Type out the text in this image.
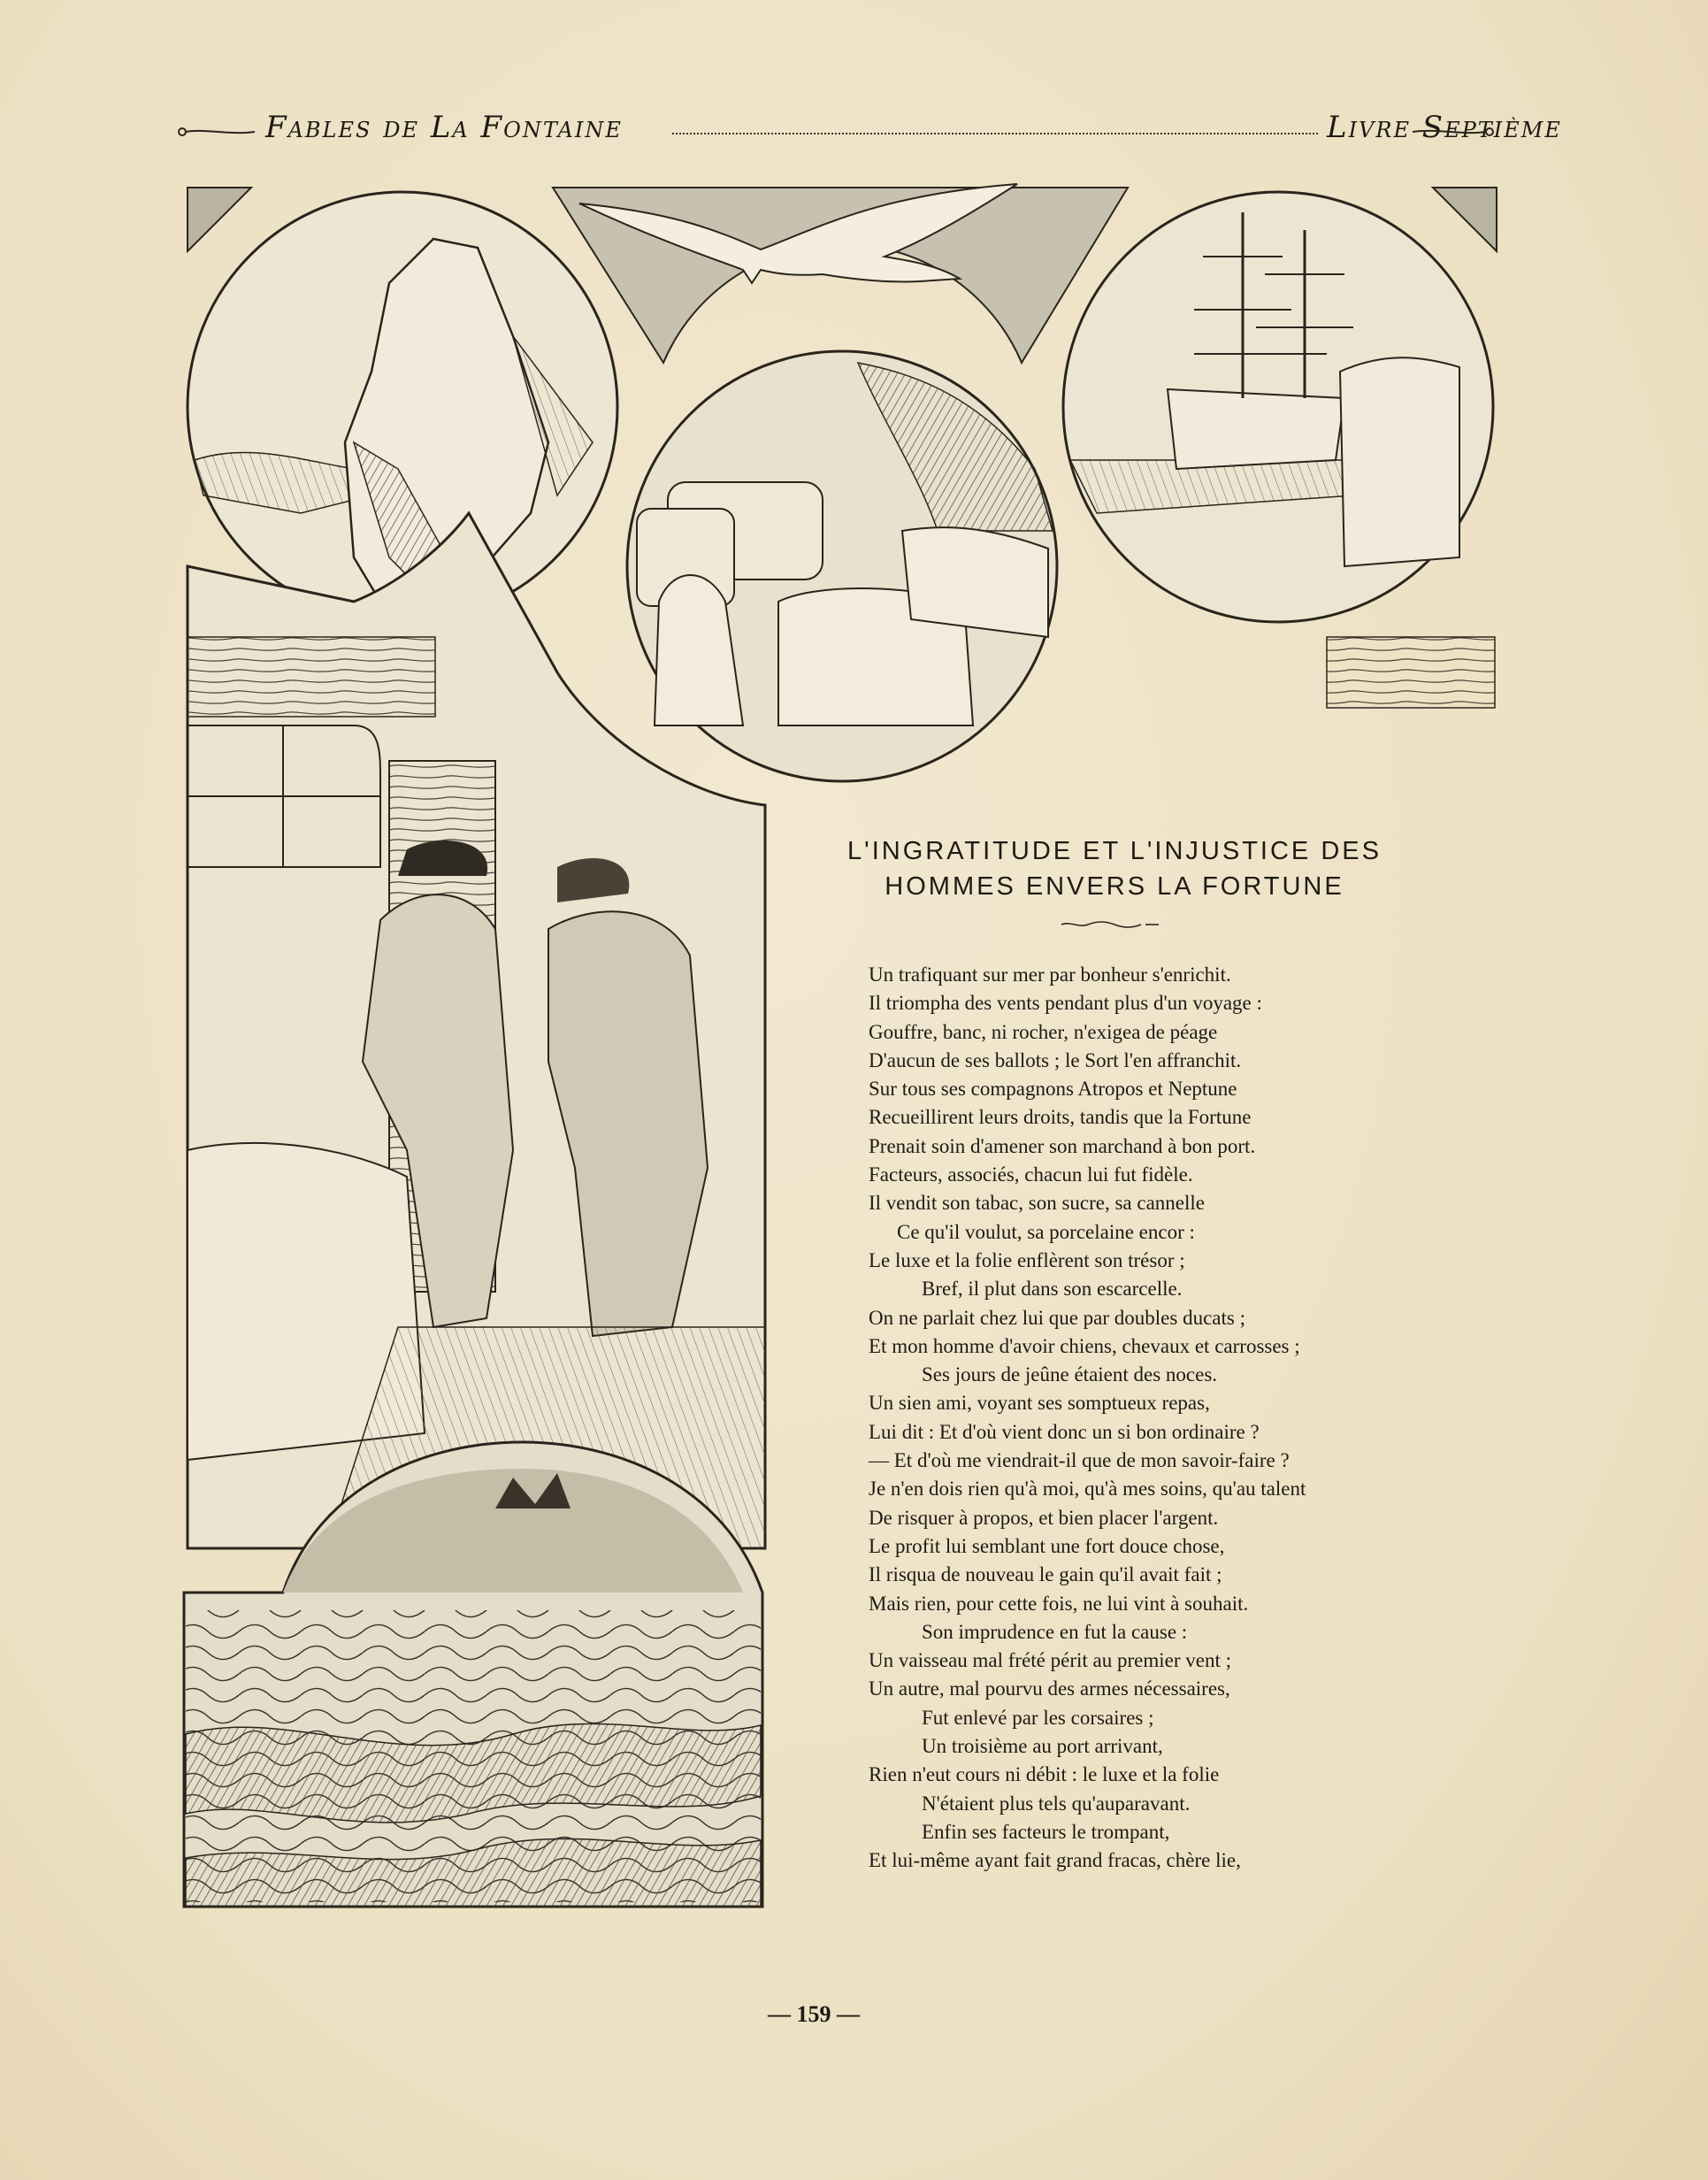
Fables de La Fontaine	Livre Septième
L'INGRATITUDE ET L'INJUSTICE DES
HOMMES ENVERS LA FORTUNE
Un trafiquant sur mer par bonheur s'enrichit.
Il triompha des vents pendant plus d'un voyage :
Gouffre, banc, ni rocher, n'exigea de péage
D'aucun de ses ballots ; le Sort l'en affranchit.
Sur tous ses compagnons Atropos et Neptune
Recueillirent leurs droits, tandis que la Fortune
Prenait soin d'amener son marchand à bon port.
Facteurs, associés, chacun lui fut fidèle.
Il vendit son tabac, son sucre, sa cannelle
Ce qu'il voulut, sa porcelaine encor :
Le luxe et la folie enflèrent son trésor ;
Bref, il plut dans son escarcelle.
On ne parlait chez lui que par doubles ducats ;
Et mon homme d'avoir chiens, chevaux et carrosses ;
Ses jours de jeûne étaient des noces.
Un sien ami, voyant ses somptueux repas,
Lui dit : Et d'où vient donc un si bon ordinaire ?
— Et d'où me viendrait-il que de mon savoir-faire ?
Je n'en dois rien qu'à moi, qu'à mes soins, qu'au talent
De risquer à propos, et bien placer l'argent.
Le profit lui semblant une fort douce chose,
Il risqua de nouveau le gain qu'il avait fait ;
Mais rien, pour cette fois, ne lui vint à souhait.
Son imprudence en fut la cause :
Un vaisseau mal frété périt au premier vent ;
Un autre, mal pourvu des armes nécessaires,
Fut enlevé par les corsaires ;
Un troisième au port arrivant,
Rien n'eut cours ni débit : le luxe et la folie
N'étaient plus tels qu'auparavant.
Enfin ses facteurs le trompant,
Et lui-même ayant fait grand fracas, chère lie,
— 159 —
